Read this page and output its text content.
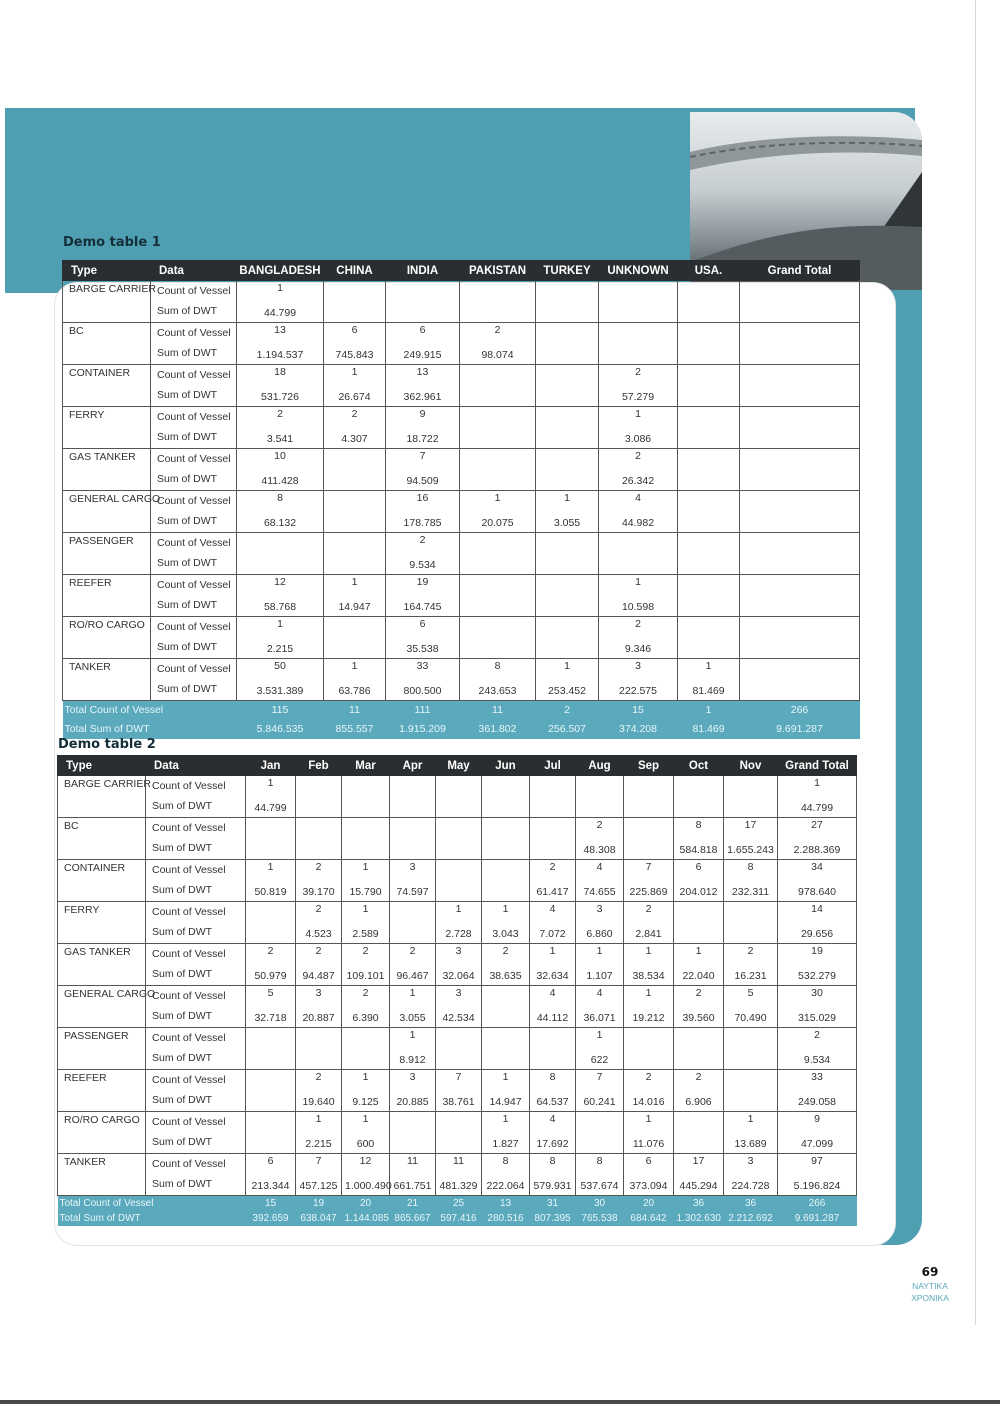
Demo table 1
Type	Data	BANGLADESH	CHINA	INDIA	PAKISTAN	TURKEY	UNKNOWN	USA.	Grand Total	
BARGE CARRIER	Count of Vessel	1								
	Sum of DWT	44.799								
BC	Count of Vessel	13	6	6	2					
	Sum of DWT	1.194.537	745.843	249.915	98.074					
CONTAINER	Count of Vessel	18	1	13			2			
	Sum of DWT	531.726	26.674	362.961			57.279			
FERRY	Count of Vessel	2	2	9			1			
	Sum of DWT	3.541	4.307	18.722			3.086			
GAS TANKER	Count of Vessel	10		7			2			
	Sum of DWT	411.428		94.509			26.342			
GENERAL CARGO	Count of Vessel	8		16	1	1	4			
	Sum of DWT	68.132		178.785	20.075	3.055	44.982			
PASSENGER	Count of Vessel			2						
	Sum of DWT			9.534						
REEFER	Count of Vessel	12	1	19			1			
	Sum of DWT	58.768	14.947	164.745			10.598			
RO/RO CARGO	Count of Vessel	1		6			2			
	Sum of DWT	2.215		35.538			9.346			
TANKER	Count of Vessel	50	1	33	8	1	3	1		
	Sum of DWT	3.531.389	63.786	800.500	243.653	253.452	222.575	81.469		
Total Count of Vessel		115	11	111	11	2	15	1	266	
Total Sum of DWT		5.846.535	855.557	1.915.209	361.802	256.507	374.208	81.469	9.691.287	
Demo table 2
Type	Data	Jan	Feb	Mar	Apr	May	Jun	Jul	Aug	Sep	Oct	Nov	Grand Total
BARGE CARRIER	Count of Vessel	1											1
	Sum of DWT	44.799											44.799
BC	Count of Vessel								2		8	17	27
	Sum of DWT								48.308		584.818	1.655.243	2.288.369
CONTAINER	Count of Vessel	1	2	1	3			2	4	7	6	8	34
	Sum of DWT	50.819	39.170	15.790	74.597			61.417	74.655	225.869	204.012	232.311	978.640
FERRY	Count of Vessel		2	1		1	1	4	3	2			14
	Sum of DWT		4.523	2.589		2.728	3.043	7.072	6.860	2.841			29.656
GAS TANKER	Count of Vessel	2	2	2	2	3	2	1	1	1	1	2	19
	Sum of DWT	50.979	94.487	109.101	96.467	32.064	38.635	32.634	1.107	38.534	22.040	16.231	532.279
GENERAL CARGO	Count of Vessel	5	3	2	1	3		4	4	1	2	5	30
	Sum of DWT	32.718	20.887	6.390	3.055	42.534		44.112	36.071	19.212	39.560	70.490	315.029
PASSENGER	Count of Vessel				1				1				2
	Sum of DWT				8.912				622				9.534
REEFER	Count of Vessel		2	1	3	7	1	8	7	2	2		33
	Sum of DWT		19.640	9.125	20.885	38.761	14.947	64.537	60.241	14.016	6.906		249.058
RO/RO CARGO	Count of Vessel		1	1			1	4		1		1	9
	Sum of DWT		2.215	600			1.827	17.692		11.076		13.689	47.099
TANKER	Count of Vessel	6	7	12	11	11	8	8	8	6	17	3	97
	Sum of DWT	213.344	457.125	1.000.490	661.751	481.329	222.064	579.931	537.674	373.094	445.294	224.728	5.196.824
Total Count of Vessel		15	19	20	21	25	13	31	30	20	36	36	266
Total Sum of DWT		392.659	638.047	1.144.085	865.667	597.416	280.516	807.395	765.538	684.642	1.302.630	2.212.692	9.691.287
69
NAYTIKA
XPONIKA
